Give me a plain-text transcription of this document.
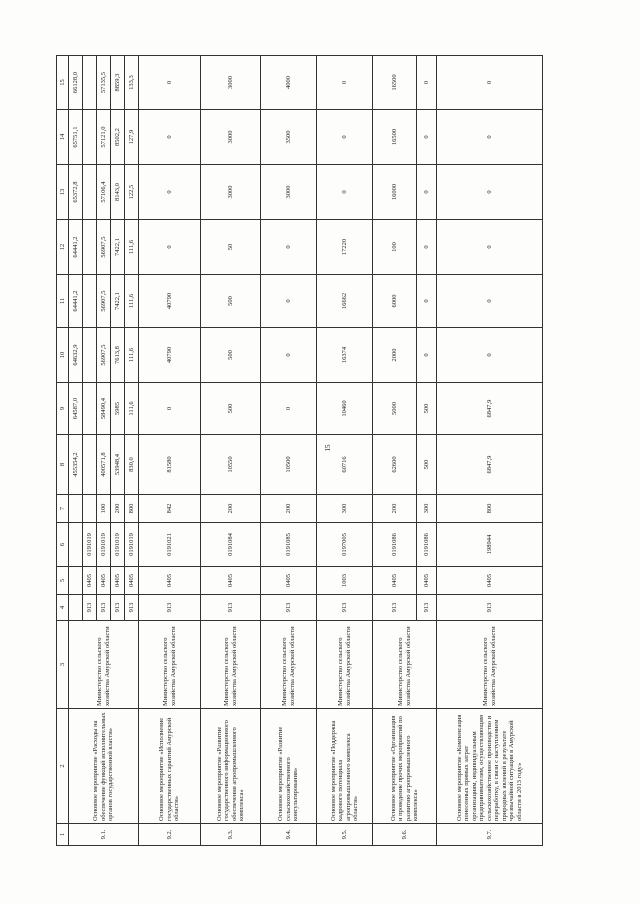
15
1	2	3	4	5	6	7	8	9	10	11	12	13	14	15
9.1.	Основное мероприятие «Расходы на обеспечение функций исполнительных органов государственной власти»	Министерство сельского хозяйства Амурской области					455354,2	64587,0	64632,9	64441,2	64441,2	65372,8	65751,1	66128,0
			913	0405	0191019									
			913	0405	0191019	100	400571,8	58490,4	56907,5	56907,5	56907,5	57106,4	57121,0	57135,5
			913	0405	0191019	200	53948,4	5985	7613,8	7422,1	7422,1	8143,0	8502,2	8859,3
			913	0405	0191019	800	830,0	111,6	111,6	111,6	111,6	122,5	127,9	133,3
9.2.	Основное мероприятие «Исполнение государственных гарантий Амурской области»	Министерство сельского хозяйства Амурской области	913	0405	0191021	842	81580	0	40790	40790	0	0	0	0
9.3.	Основное мероприятие «Развитие государственного информационного обеспечения агропромышленного комплекса»	Министерство сельского хозяйства Амурской области	913	0405	0191084	200	10550	500	500	500	50	3000	3000	3000
9.4.	Основное мероприятие «Развитие сельскохозяйственного консультирования»	Министерство сельского хозяйства Амурской области	913	0405	0191085	200	10500	0	0	0	0	3000	3500	4000
9.5.	Основное мероприятие «Поддержка кадрового потенциала агропромышленного комплекса области»	Министерство сельского хозяйства Амурской области	913	1003	0197005	300	60716	10460	16374	16662	17220	0	0	0
9.6.	Основное мероприятие «Организация и проведение прочих мероприятий по развитию агропромышленного комплекса»	Министерство сельского хозяйства Амурской области	913	0405	0191086	200	62600	5000	2000	6000	100	16000	16500	16500
			913	0405	0191086	300	500	500	0	0	0	0	0	0
9.7.	Основное мероприятие «Компенсация понесенных прямых затрат организациям, индивидуальным предпринимателям, осуществляющим сельскохозяйственное производство и переработку, в связи с наступлением природных явлений в результате чрезвычайной ситуации в Амурской области в 2013 году»	Министерство сельского хозяйства Амурской области	913	0405	198944	800	6847,9	6847,9	0	0	0	0	0	0
